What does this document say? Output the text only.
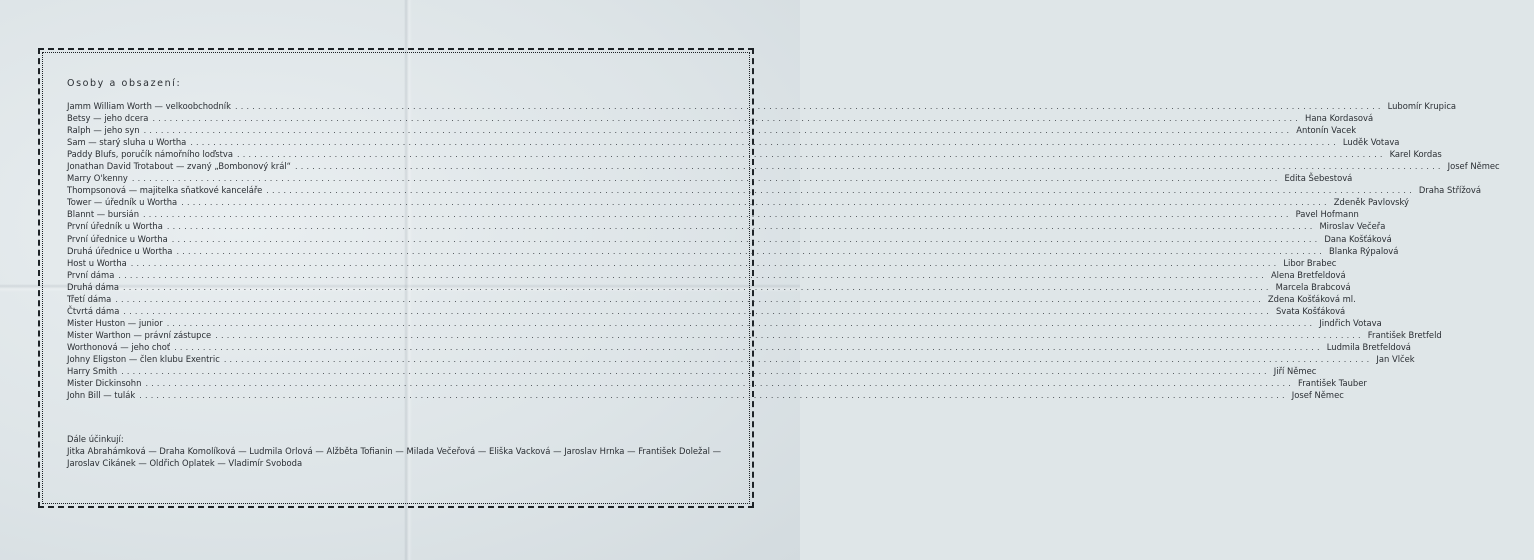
Osoby a obsazení:
Jamm William Worth — velkoobchodník ........................................................................................................................................................................................................ Lubomír Krupica
Betsy — jeho dcera ........................................................................................................................................................................................................ Hana Kordasová
Ralph — jeho syn ........................................................................................................................................................................................................ Antonín Vacek
Sam — starý sluha u Wortha ........................................................................................................................................................................................................ Luděk Votava
Paddy Blufs, poručík námořního loďstva ........................................................................................................................................................................................................ Karel Kordas
Jonathan David Trotabout — zvaný „Bombonový král“ ........................................................................................................................................................................................................ Josef Němec
Marry O'kenny ........................................................................................................................................................................................................ Edita Šebestová
Thompsonová — majitelka sňatkové kanceláře ........................................................................................................................................................................................................ Draha Střížová
Tower — úředník u Wortha ........................................................................................................................................................................................................ Zdeněk Pavlovský
Blannt — bursián ........................................................................................................................................................................................................ Pavel Hofmann
První úředník u Wortha ........................................................................................................................................................................................................ Miroslav Večeřa
První úřednice u Wortha ........................................................................................................................................................................................................ Dana Košťáková
Druhá úřednice u Wortha ........................................................................................................................................................................................................ Blanka Rýpalová
Host u Wortha ........................................................................................................................................................................................................ Libor Brabec
První dáma ........................................................................................................................................................................................................ Alena Bretfeldová
Druhá dáma ........................................................................................................................................................................................................ Marcela Brabcová
Třetí dáma ........................................................................................................................................................................................................ Zdena Košťáková ml.
Čtvrtá dáma ........................................................................................................................................................................................................ Svata Košťáková
Mister Huston — junior ........................................................................................................................................................................................................ Jindřich Votava
Mister Warthon — právní zástupce ........................................................................................................................................................................................................ František Bretfeld
Worthonová — jeho choť ........................................................................................................................................................................................................ Ludmila Bretfeldová
Johny Eligston — člen klubu Exentric ........................................................................................................................................................................................................ Jan Vlček
Harry Smith ........................................................................................................................................................................................................ Jiří Němec
Mister Dickinsohn ........................................................................................................................................................................................................ František Tauber
John Bill — tulák ........................................................................................................................................................................................................ Josef Němec
Dále účinkují:
Jitka Abrahámková — Draha Komolíková — Ludmila Orlová — Alžběta Tofianin — Milada Večeřová — Eliška Vacková — Jaroslav Hrnka — František Doležal — Jaroslav Cikánek — Oldřich Oplatek — Vladimír Svoboda
